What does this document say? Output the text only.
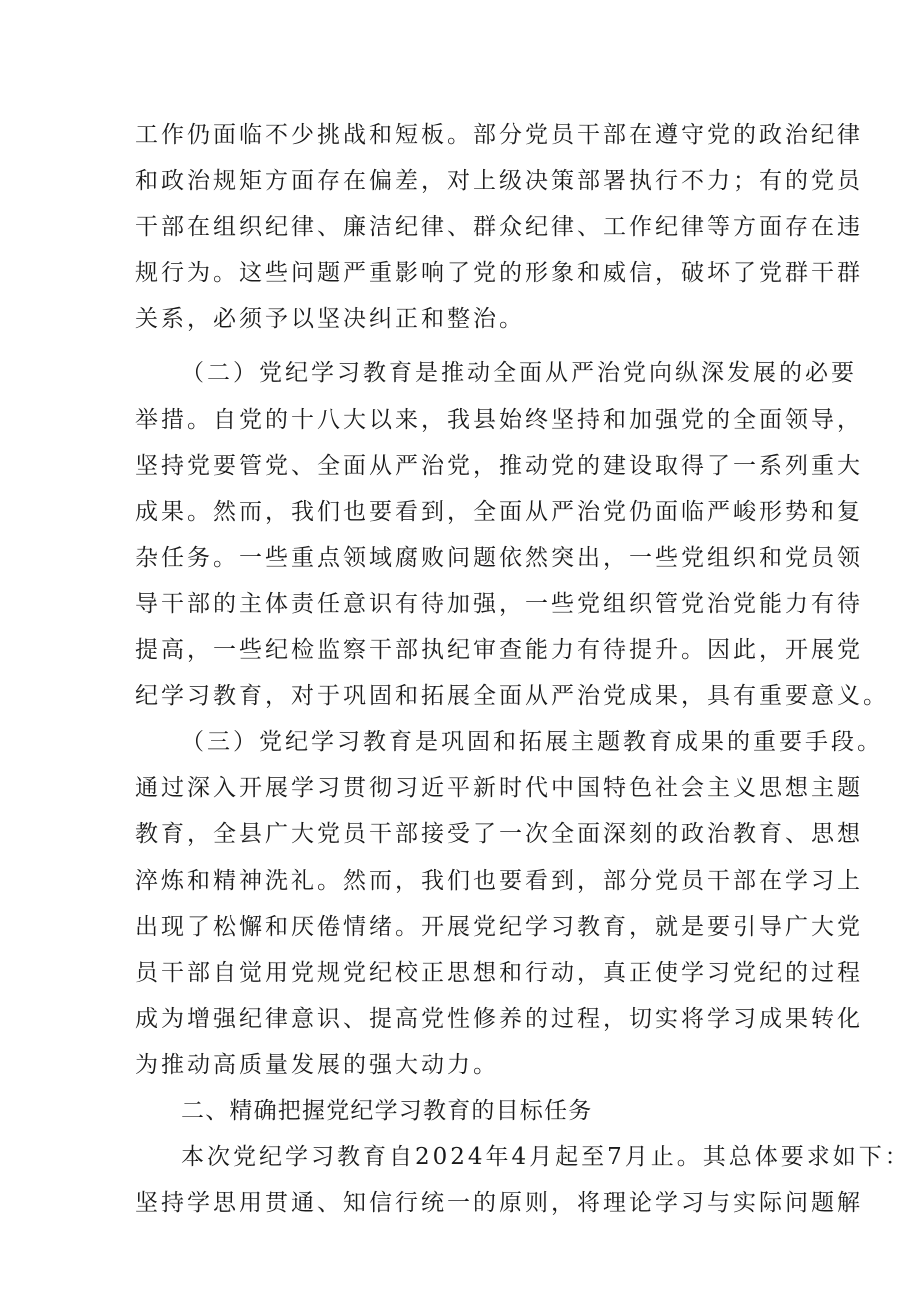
工作仍面临不少挑战和短板。部分党员干部在遵守党的政治纪律
和政治规矩方面存在偏差，对上级决策部署执行不力；有的党员
干部在组织纪律、廉洁纪律、群众纪律、工作纪律等方面存在违
规行为。这些问题严重影响了党的形象和威信，破坏了党群干群
关系，必须予以坚决纠正和整治。
（二）党纪学习教育是推动全面从严治党向纵深发展的必要
举措。自党的十八大以来，我县始终坚持和加强党的全面领导，
坚持党要管党、全面从严治党，推动党的建设取得了一系列重大
成果。然而，我们也要看到，全面从严治党仍面临严峻形势和复
杂任务。一些重点领域腐败问题依然突出，一些党组织和党员领
导干部的主体责任意识有待加强，一些党组织管党治党能力有待
提高，一些纪检监察干部执纪审查能力有待提升。因此，开展党
纪学习教育，对于巩固和拓展全面从严治党成果，具有重要意义。
（三）党纪学习教育是巩固和拓展主题教育成果的重要手段。
通过深入开展学习贯彻习近平新时代中国特色社会主义思想主题
教育，全县广大党员干部接受了一次全面深刻的政治教育、思想
淬炼和精神洗礼。然而，我们也要看到，部分党员干部在学习上
出现了松懈和厌倦情绪。开展党纪学习教育，就是要引导广大党
员干部自觉用党规党纪校正思想和行动，真正使学习党纪的过程
成为增强纪律意识、提高党性修养的过程，切实将学习成果转化
为推动高质量发展的强大动力。
二、精确把握党纪学习教育的目标任务
本次党纪学习教育自2024年4月起至7月止。其总体要求如下：
坚持学思用贯通、知信行统一的原则，将理论学习与实际问题解
